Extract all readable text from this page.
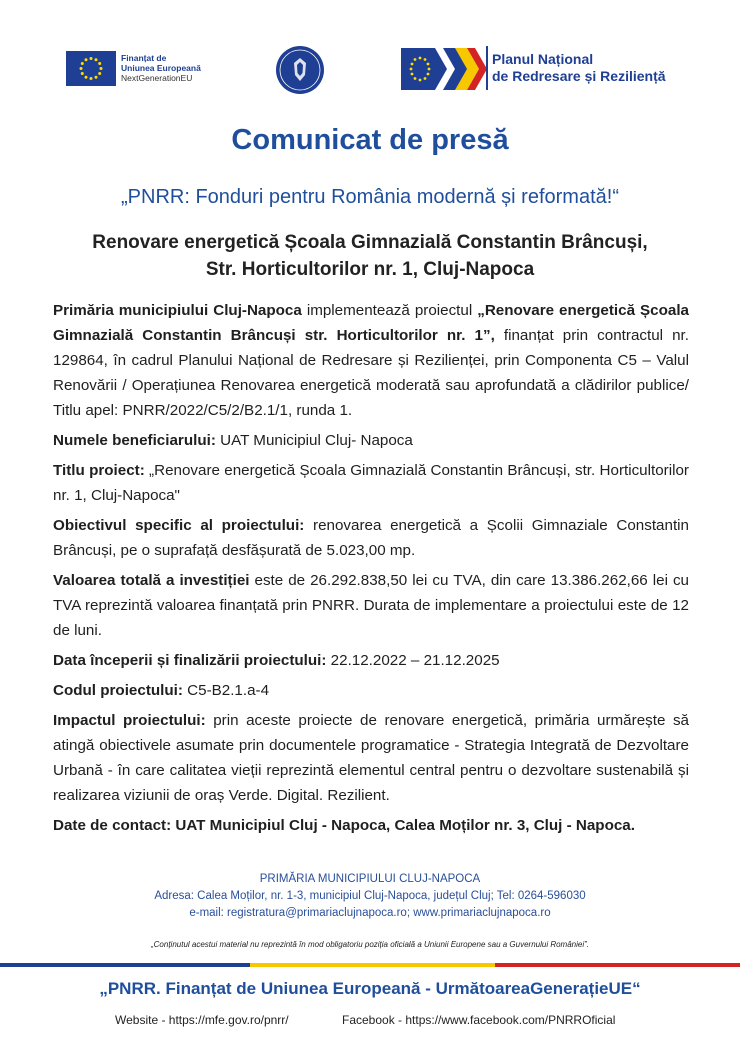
Finanțat de
Uniunea Europeană
NextGenerationEU
Planul Național
de Redresare și Reziliență
Comunicat de presă
„PNRR: Fonduri pentru România modernă și reformată!“
Renovare energetică Școala Gimnazială Constantin Brâncuși,
Str. Horticultorilor nr. 1, Cluj-Napoca

Primăria municipiului Cluj-Napoca implementează proiectul „Renovare energetică Școala Gimnazială Constantin Brâncuși str. Horticultorilor nr. 1”, finanțat prin contractul nr. 129864, în cadrul Planului Național de Redresare și Rezilienței, prin Componenta C5 – Valul Renovării / Operațiunea Renovarea energetică moderată sau aprofundată a clădirilor publice/ Titlu apel: PNRR/2022/C5/2/B2.1/1, runda 1.

Numele beneficiarului: UAT Municipiul Cluj- Napoca

Titlu proiect: „Renovare energetică Școala Gimnazială Constantin Brâncuși, str. Horticultorilor nr. 1, Cluj-Napoca"

Obiectivul specific al proiectului: renovarea energetică a Școlii Gimnaziale Constantin Brâncuși, pe o suprafață desfășurată de 5.023,00 mp.

Valoarea totală a investiției este de 26.292.838,50 lei cu TVA, din care 13.386.262,66 lei cu TVA reprezintă valoarea finanțată prin PNRR. Durata de implementare a proiectului este de 12 de luni.

Data începerii și finalizării proiectului: 22.12.2022 – 21.12.2025

Codul proiectului: C5-B2.1.a-4

Impactul proiectului: prin aceste proiecte de renovare energetică, primăria urmărește să atingă obiectivele asumate prin documentele programatice - Strategia Integrată de Dezvoltare Urbană - în care calitatea vieții reprezintă elementul central pentru o dezvoltare sustenabilă și realizarea viziunii de oraș Verde. Digital. Rezilient.

Date de contact: UAT Municipiul Cluj - Napoca, Calea Moților nr. 3, Cluj - Napoca.

PRIMĂRIA MUNICIPIULUI CLUJ-NAPOCA
Adresa: Calea Moților, nr. 1-3, municipiul Cluj-Napoca, județul Cluj; Tel: 0264-596030
e-mail: registratura@primariaclujnapoca.ro; www.primariaclujnapoca.ro
„Conținutul acestui material nu reprezintă în mod obligatoriu poziția oficială a Uniunii Europene sau a Guvernului României”.
„PNRR. Finanțat de Uniunea Europeană - UrmătoareaGenerațieUE“
Website - https://mfe.gov.ro/pnrr/	Facebook - https://www.facebook.com/PNRROficial
